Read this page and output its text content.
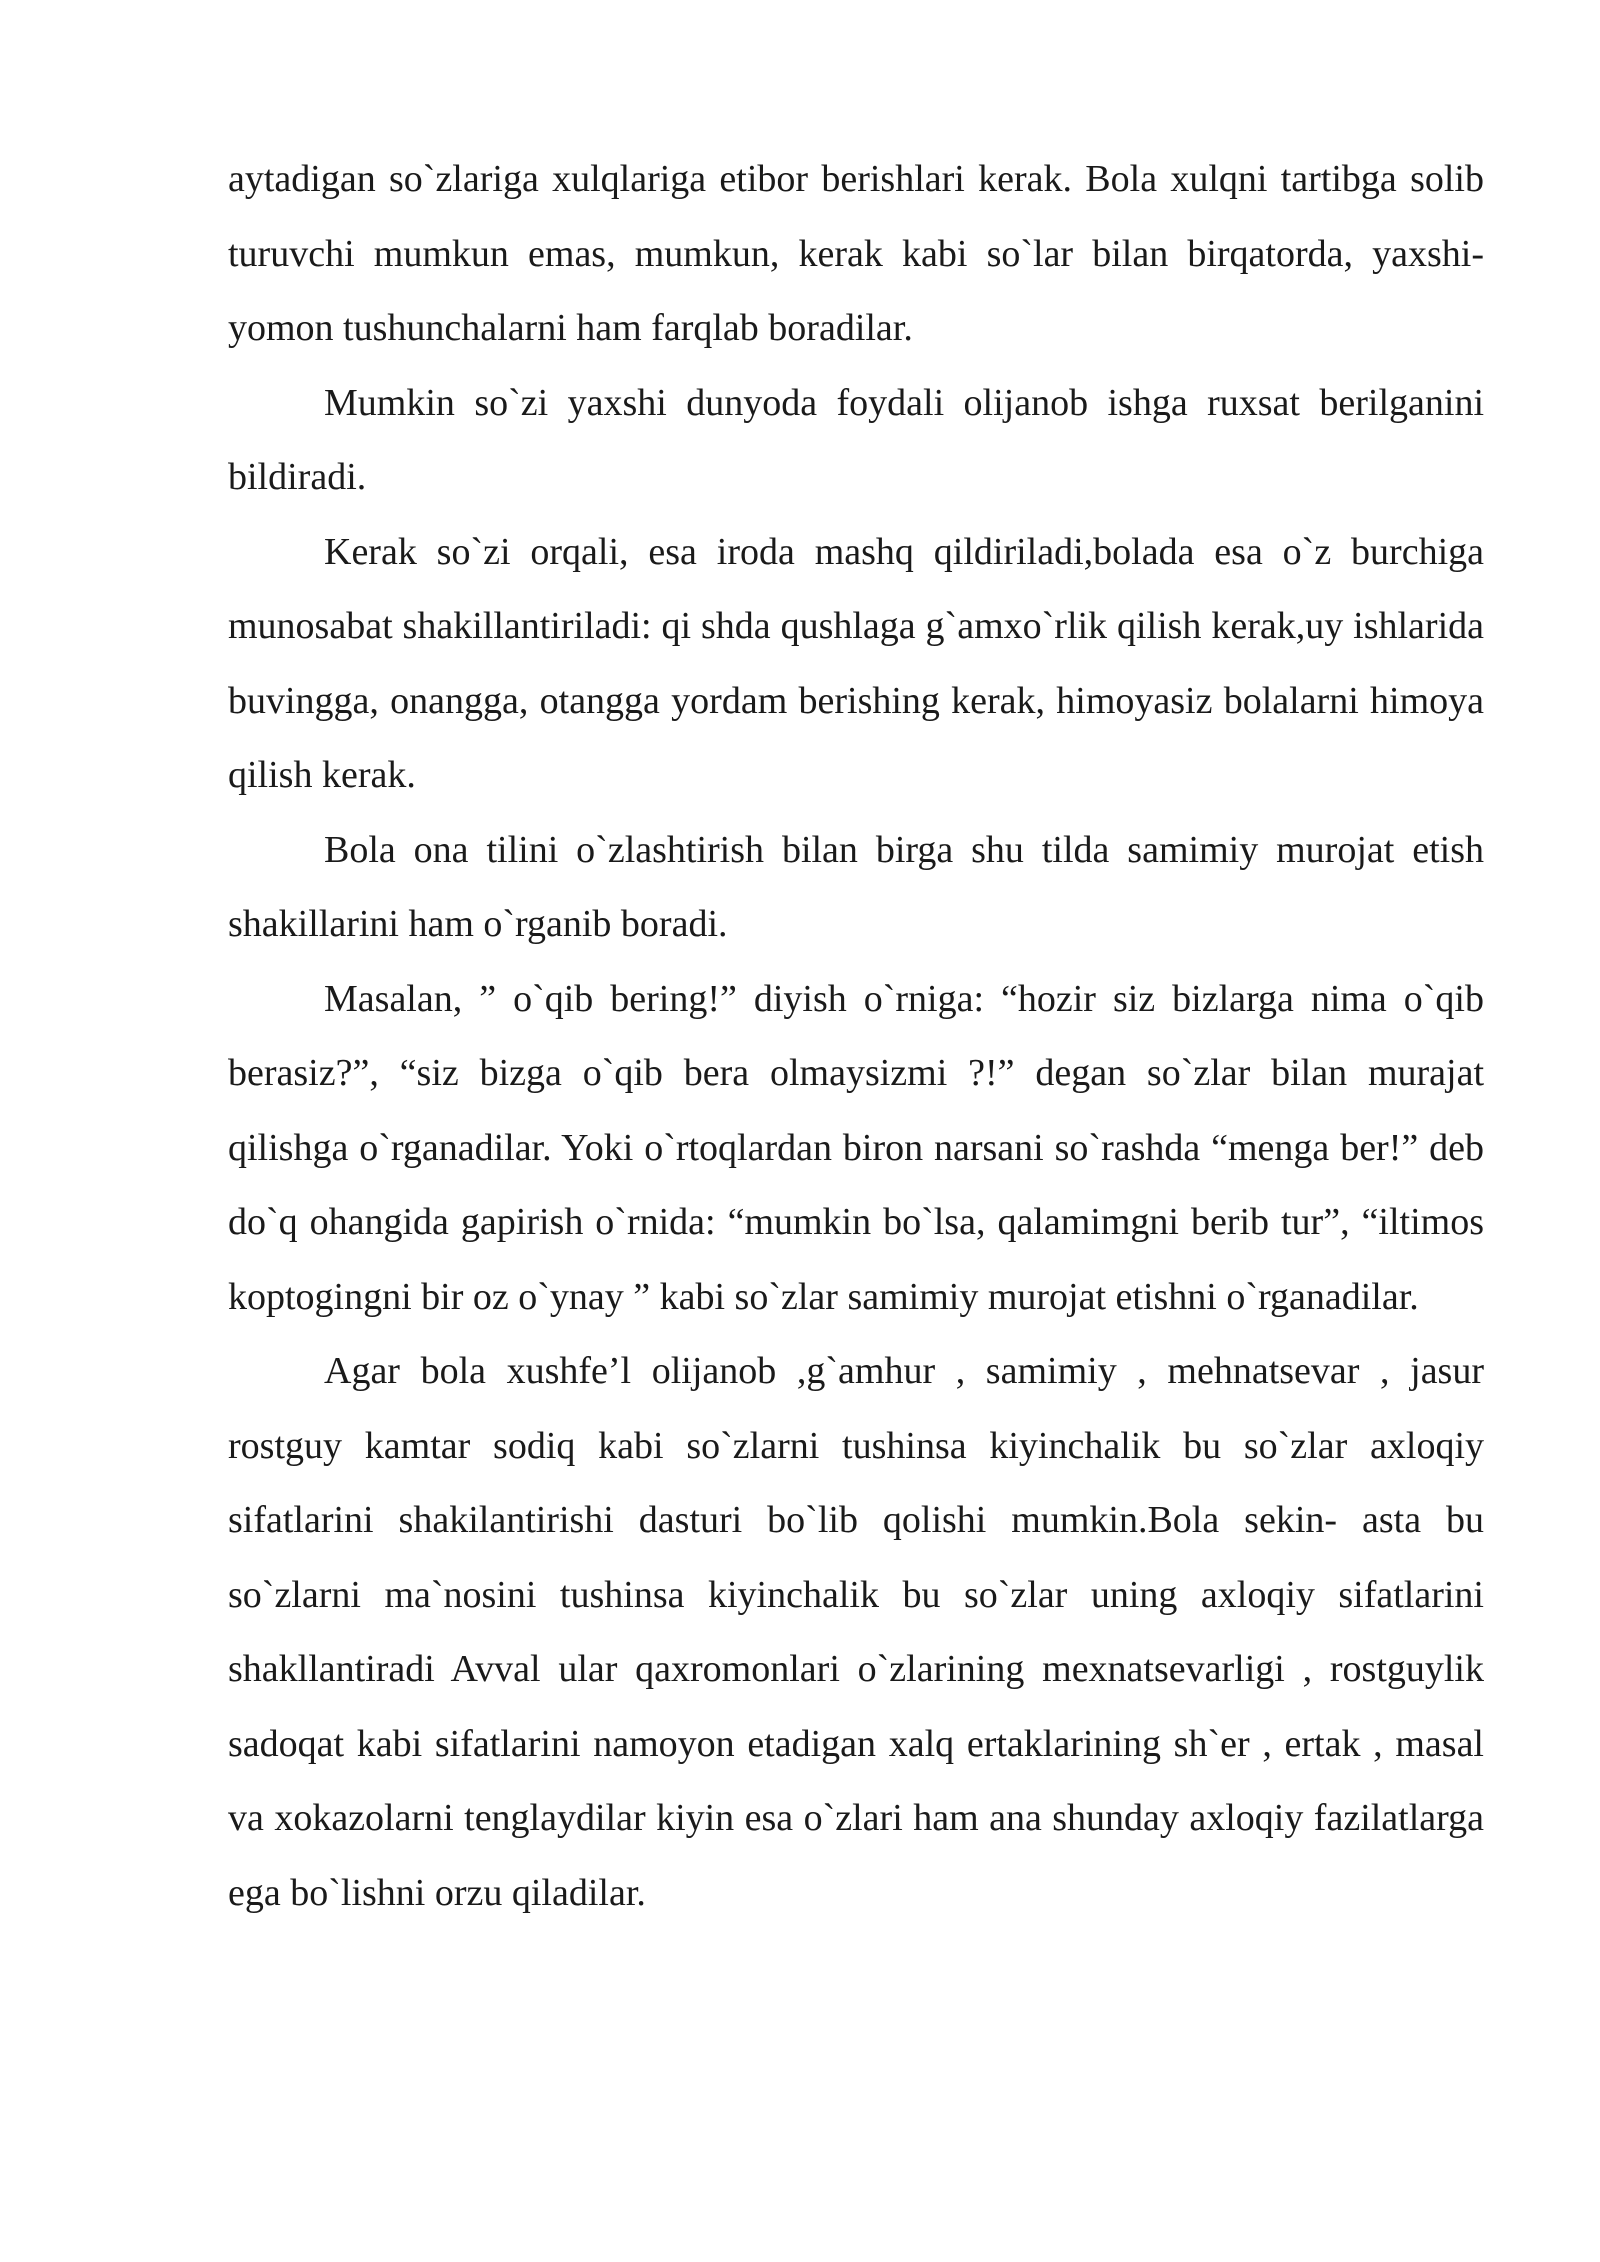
aytadigan so`zlariga xulqlariga etibor berishlari kerak. Bola xulqni tartibga solib turuvchi mumkun emas, mumkun, kerak kabi so`lar bilan birqatorda, yaxshi- yomon tushunchalarni ham farqlab boradilar.

Mumkin so`zi yaxshi dunyoda foydali olijanob ishga ruxsat berilganini bildiradi.

Kerak so`zi orqali, esa iroda mashq qildiriladi,bolada esa o`z burchiga munosabat shakillantiriladi: qi shda qushlaga g`amxo`rlik qilish kerak,uy ishlarida buvingga, onangga, otangga yordam berishing kerak, himoyasiz bolalarni himoya qilish kerak.

Bola ona tilini o`zlashtirish bilan birga shu tilda samimiy murojat etish shakillarini ham o`rganib boradi.

Masalan, ” o`qib bering!” diyish o`rniga: “hozir siz bizlarga nima o`qib berasiz?”, “siz bizga o`qib bera olmaysizmi ?!” degan so`zlar bilan murajat qilishga o`rganadilar. Yoki o`rtoqlardan biron narsani so`rashda “menga ber!” deb do`q ohangida gapirish o`rnida: “mumkin bo`lsa, qalamimgni berib tur”, “iltimos koptogingni bir oz o`ynay ” kabi so`zlar samimiy murojat etishni o`rganadilar.

Agar bola xushfe’l olijanob ,g`amhur , samimiy , mehnatsevar , jasur rostguy kamtar sodiq kabi so`zlarni tushinsa kiyinchalik bu so`zlar axloqiy sifatlarini shakilantirishi dasturi bo`lib qolishi mumkin.Bola sekin- asta bu so`zlarni ma`nosini tushinsa kiyinchalik bu so`zlar uning axloqiy sifatlarini shakllantiradi Avval ular qaxromonlari o`zlarining mexnatsevarligi , rostguylik sadoqat kabi sifatlarini namoyon etadigan xalq ertaklarining sh`er , ertak , masal va xokazolarni tenglaydilar kiyin esa o`zlari ham ana shunday axloqiy fazilatlarga ega bo`lishni orzu qiladilar.
